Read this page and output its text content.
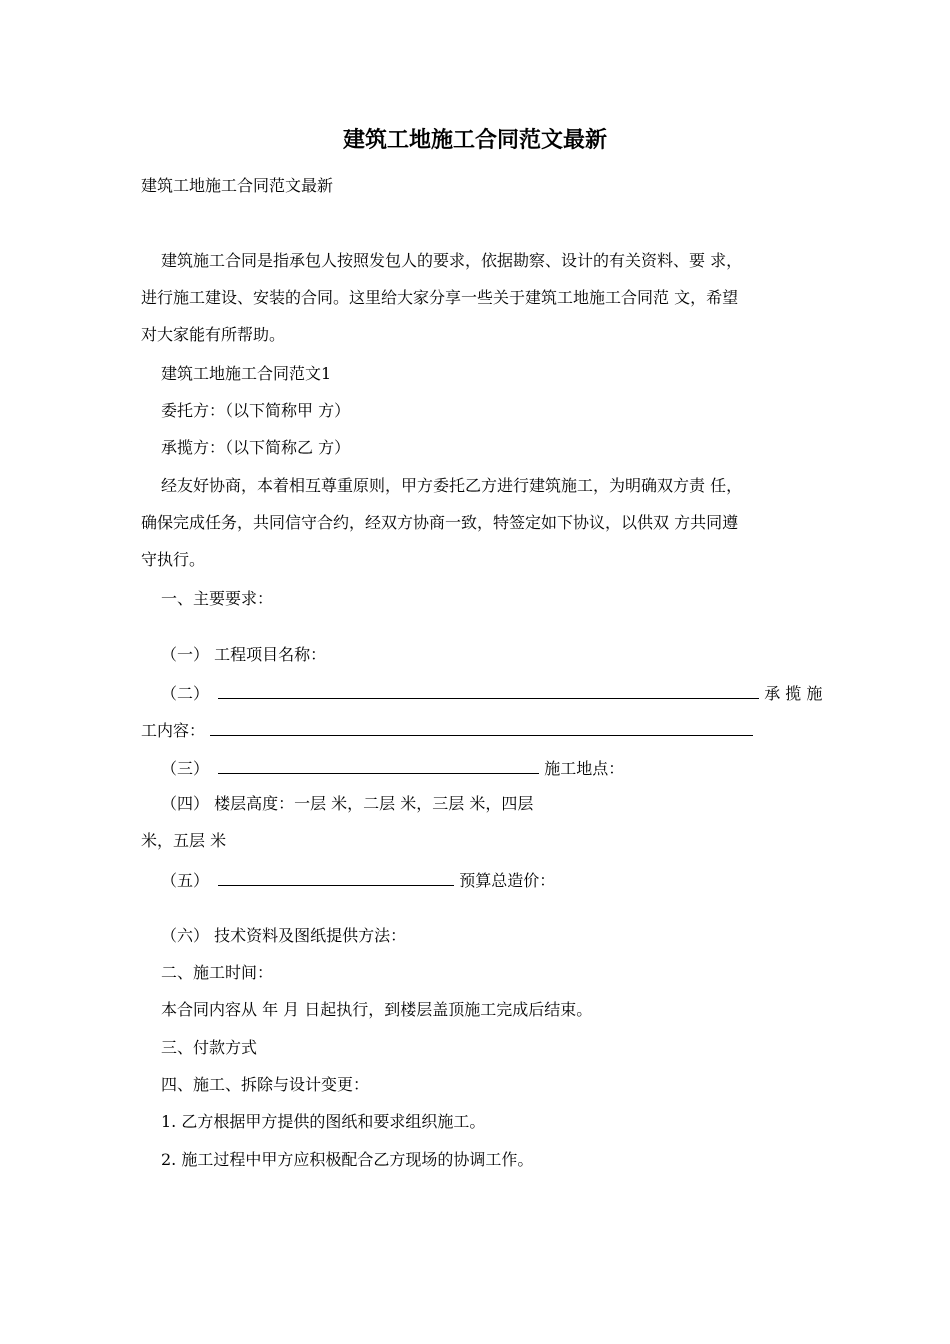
建筑工地施工合同范文最新
建筑工地施工合同范文最新
建筑施工合同是指承包人按照发包人的要求，依据勘察、设计的有关资料、要 求，
进行施工建设、安装的合同。这里给大家分享一些关于建筑工地施工合同范 文，希望
对大家能有所帮助。
建筑工地施工合同范文1
委托方：（以下简称甲 方）
承揽方：（以下简称乙 方）
经友好协商，本着相互尊重原则，甲方委托乙方进行建筑施工，为明确双方责 任，
确保完成任务，共同信守合约，经双方协商一致，特签定如下协议，以供双 方共同遵
守执行。
一、主要要求：
（一） 工程项目名称：
（二）	承 揽 施
工内容：
（三）	施工地点：
（四） 楼层高度：一层 米，二层 米，三层 米，四层
米，五层 米
（五）	预算总造价：
（六） 技术资料及图纸提供方法：
二、施工时间：
本合同内容从 年 月 日起执行，到楼层盖顶施工完成后结束。
三、付款方式
四、施工、拆除与设计变更：
1. 乙方根据甲方提供的图纸和要求组织施工。
2. 施工过程中甲方应积极配合乙方现场的协调工作。
